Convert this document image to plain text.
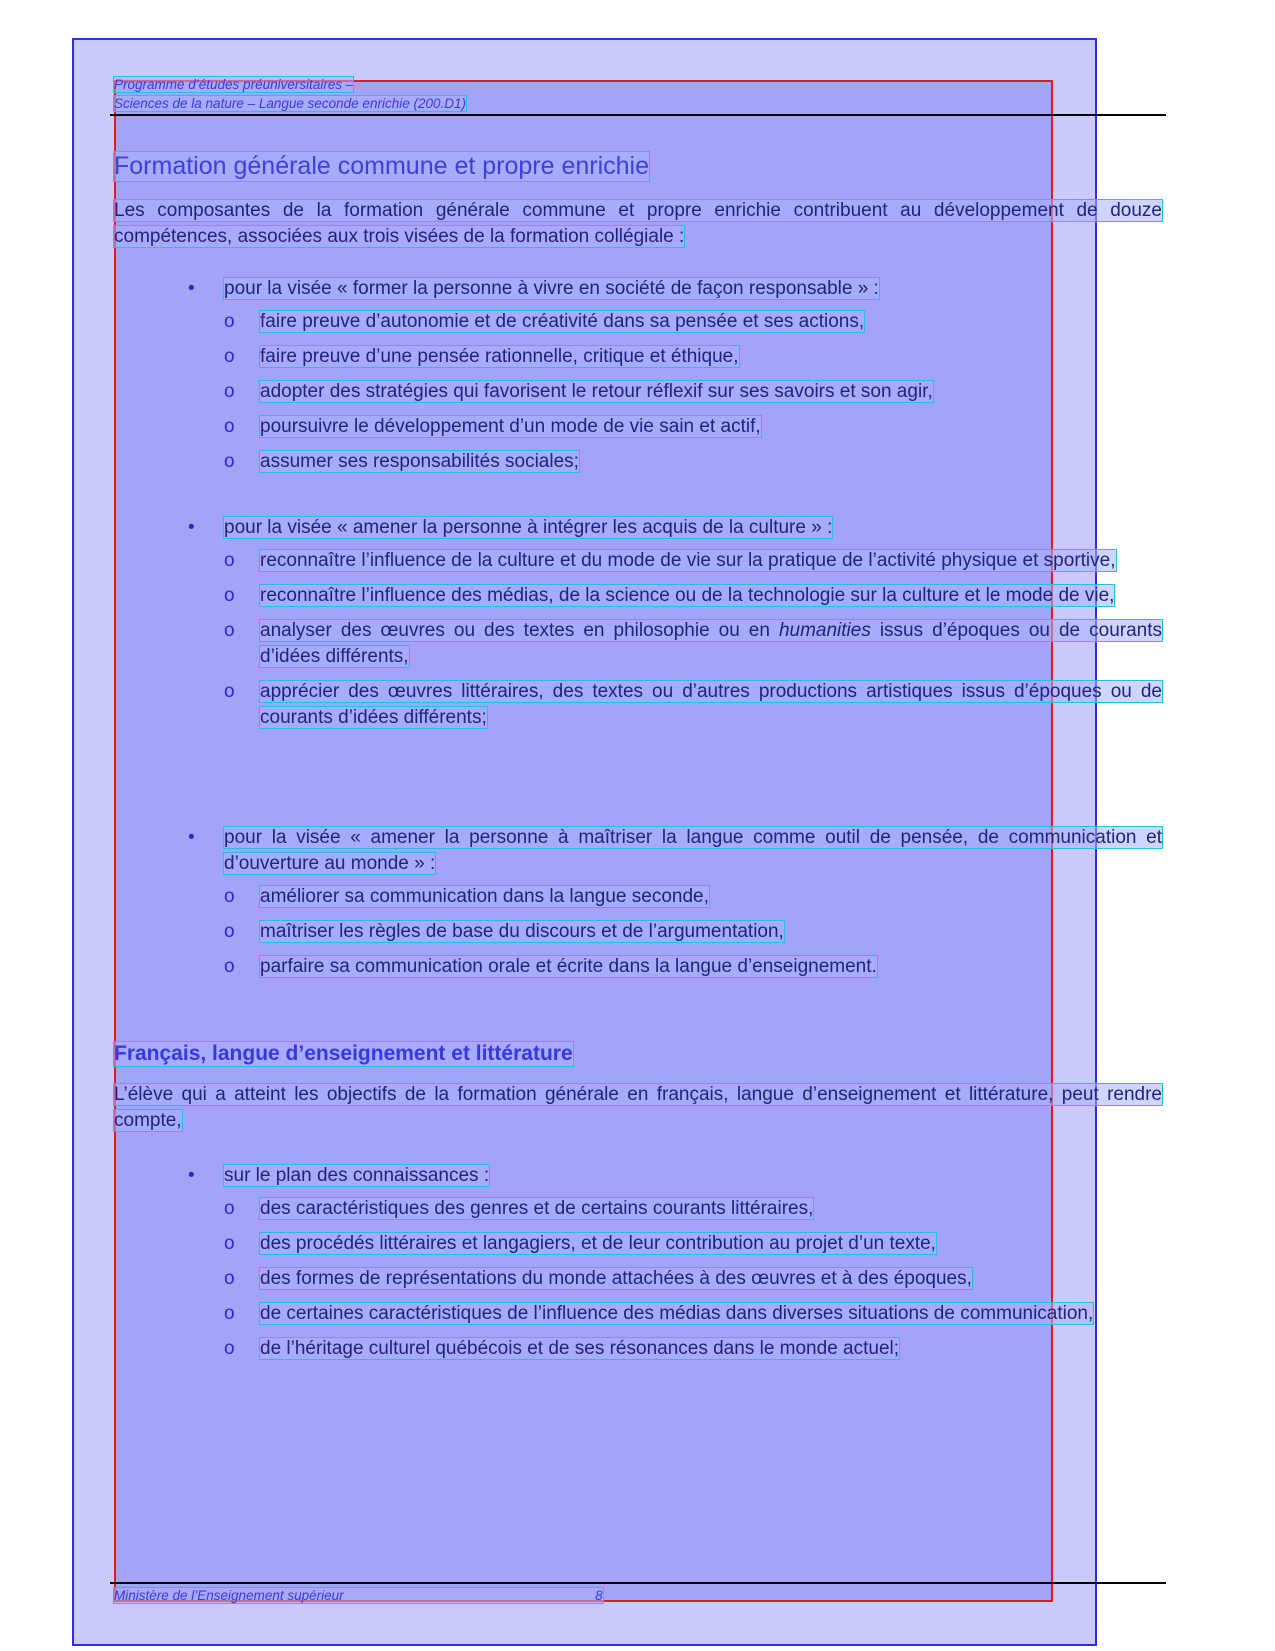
Programme d’études préuniversitaires –
Sciences de la nature – Langue seconde enrichie (200.D1)
Formation générale commune et propre enrichie
Les composantes de la formation générale commune et propre enrichie contribuent au développement de douze compétences, associées aux trois visées de la formation collégiale :
• pour la visée « former la personne à vivre en société de façon responsable » :
o faire preuve d’autonomie et de créativité dans sa pensée et ses actions,
o faire preuve d’une pensée rationnelle, critique et éthique,
o adopter des stratégies qui favorisent le retour réflexif sur ses savoirs et son agir,
o poursuivre le développement d’un mode de vie sain et actif,
o assumer ses responsabilités sociales;
• pour la visée « amener la personne à intégrer les acquis de la culture » :
o reconnaître l’influence de la culture et du mode de vie sur la pratique de l’activité physique et sportive,
o reconnaître l’influence des médias, de la science ou de la technologie sur la culture et le mode de vie,
o analyser des œuvres ou des textes en philosophie ou en humanities issus d’époques ou de courants d’idées différents,
o apprécier des œuvres littéraires, des textes ou d’autres productions artistiques issus d’époques ou de courants d’idées différents;
• pour la visée « amener la personne à maîtriser la langue comme outil de pensée, de communication et d’ouverture au monde » :
o améliorer sa communication dans la langue seconde,
o maîtriser les règles de base du discours et de l’argumentation,
o parfaire sa communication orale et écrite dans la langue d’enseignement.
Français, langue d’enseignement et littérature
L’élève qui a atteint les objectifs de la formation générale en français, langue d’enseignement et littérature, peut rendre compte,
• sur le plan des connaissances :
o des caractéristiques des genres et de certains courants littéraires,
o des procédés littéraires et langagiers, et de leur contribution au projet d’un texte,
o des formes de représentations du monde attachées à des œuvres et à des époques,
o de certaines caractéristiques de l’influence des médias dans diverses situations de communication,
o de l’héritage culturel québécois et de ses résonances dans le monde actuel;
Ministère de l’Enseignement supérieur	8
